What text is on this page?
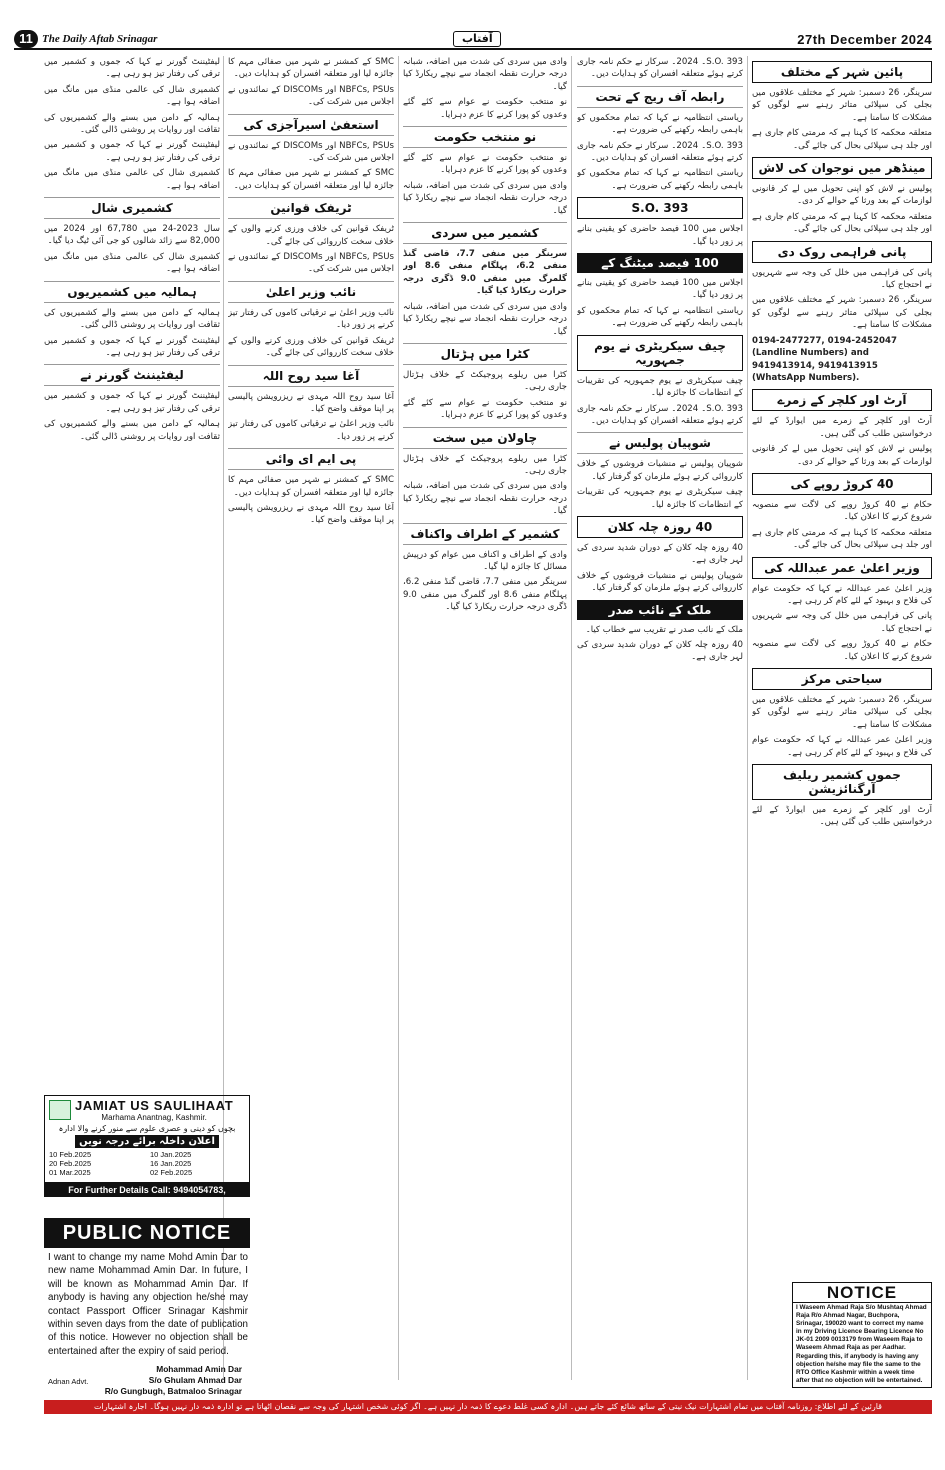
11 The Daily Aftab Srinagar	آفتاب	27th December 2024
پائین شہر کے مختلف

سرینگر، 26 دسمبر: شہر کے مختلف علاقوں میں بجلی کی سپلائی متاثر رہنے سے لوگوں کو مشکلات کا سامنا ہے۔

متعلقہ محکمہ کا کہنا ہے کہ مرمتی کام جاری ہے اور جلد ہی سپلائی بحال کی جائے گی۔

مینڈھر میں نوجوان کی لاش

پولیس نے لاش کو اپنی تحویل میں لے کر قانونی لوازمات کے بعد ورثا کے حوالے کر دی۔

متعلقہ محکمہ کا کہنا ہے کہ مرمتی کام جاری ہے اور جلد ہی سپلائی بحال کی جائے گی۔

پانی فراہمی روک دی

پانی کی فراہمی میں خلل کی وجہ سے شہریوں نے احتجاج کیا۔

سرینگر، 26 دسمبر: شہر کے مختلف علاقوں میں بجلی کی سپلائی متاثر رہنے سے لوگوں کو مشکلات کا سامنا ہے۔

0194-2477277, 0194-2452047 (Landline Numbers) and 9419413914, 9419413915 (WhatsApp Numbers).

آرٹ اور کلچر کے زمرے

آرٹ اور کلچر کے زمرے میں ایوارڈ کے لئے درخواستیں طلب کی گئی ہیں۔

پولیس نے لاش کو اپنی تحویل میں لے کر قانونی لوازمات کے بعد ورثا کے حوالے کر دی۔

40 کروڑ روپے کی

حکام نے 40 کروڑ روپے کی لاگت سے منصوبہ شروع کرنے کا اعلان کیا۔

متعلقہ محکمہ کا کہنا ہے کہ مرمتی کام جاری ہے اور جلد ہی سپلائی بحال کی جائے گی۔

وزیر اعلیٰ عمر عبداللہ کی

وزیر اعلیٰ عمر عبداللہ نے کہا کہ حکومت عوام کی فلاح و بہبود کے لئے کام کر رہی ہے۔

پانی کی فراہمی میں خلل کی وجہ سے شہریوں نے احتجاج کیا۔

حکام نے 40 کروڑ روپے کی لاگت سے منصوبہ شروع کرنے کا اعلان کیا۔

سیاحتی مرکز

سرینگر، 26 دسمبر: شہر کے مختلف علاقوں میں بجلی کی سپلائی متاثر رہنے سے لوگوں کو مشکلات کا سامنا ہے۔

وزیر اعلیٰ عمر عبداللہ نے کہا کہ حکومت عوام کی فلاح و بہبود کے لئے کام کر رہی ہے۔

جموں کشمیر ریلیف آرگنائزیشن

آرٹ اور کلچر کے زمرے میں ایوارڈ کے لئے درخواستیں طلب کی گئی ہیں۔

S.O. 393۔ 2024۔ سرکار نے حکم نامہ جاری کرتے ہوئے متعلقہ افسران کو ہدایات دیں۔

رابطہ آف ریج کے تحت

ریاستی انتظامیہ نے کہا کہ تمام محکموں کو باہمی رابطہ رکھنے کی ضرورت ہے۔

S.O. 393۔ 2024۔ سرکار نے حکم نامہ جاری کرتے ہوئے متعلقہ افسران کو ہدایات دیں۔

ریاستی انتظامیہ نے کہا کہ تمام محکموں کو باہمی رابطہ رکھنے کی ضرورت ہے۔

S.O. 393

اجلاس میں 100 فیصد حاضری کو یقینی بنانے پر زور دیا گیا۔

100 فیصد میٹنگ کے

اجلاس میں 100 فیصد حاضری کو یقینی بنانے پر زور دیا گیا۔

ریاستی انتظامیہ نے کہا کہ تمام محکموں کو باہمی رابطہ رکھنے کی ضرورت ہے۔

چیف سیکریٹری نے یوم جمہوریہ

چیف سیکریٹری نے یوم جمہوریہ کی تقریبات کے انتظامات کا جائزہ لیا۔

S.O. 393۔ 2024۔ سرکار نے حکم نامہ جاری کرتے ہوئے متعلقہ افسران کو ہدایات دیں۔

شوپیان پولیس نے

شوپیان پولیس نے منشیات فروشوں کے خلاف کارروائی کرتے ہوئے ملزمان کو گرفتار کیا۔

چیف سیکریٹری نے یوم جمہوریہ کی تقریبات کے انتظامات کا جائزہ لیا۔

40 روزہ چلہ کلان

40 روزہ چلہ کلان کے دوران شدید سردی کی لہر جاری ہے۔

شوپیان پولیس نے منشیات فروشوں کے خلاف کارروائی کرتے ہوئے ملزمان کو گرفتار کیا۔

ملک کے نائب صدر

ملک کے نائب صدر نے تقریب سے خطاب کیا۔

40 روزہ چلہ کلان کے دوران شدید سردی کی لہر جاری ہے۔

وادی میں سردی کی شدت میں اضافہ، شبانہ درجہ حرارت نقطہ انجماد سے نیچے ریکارڈ کیا گیا۔

نو منتخب حکومت نے عوام سے کئے گئے وعدوں کو پورا کرنے کا عزم دہرایا۔

نو منتخب حکومت

نو منتخب حکومت نے عوام سے کئے گئے وعدوں کو پورا کرنے کا عزم دہرایا۔

وادی میں سردی کی شدت میں اضافہ، شبانہ درجہ حرارت نقطہ انجماد سے نیچے ریکارڈ کیا گیا۔

کشمیر میں سردی

سرینگر میں منفی 7.7، قاضی گنڈ منفی 6.2، پہلگام منفی 8.6 اور گلمرگ میں منفی 9.0 ڈگری درجہ حرارت ریکارڈ کیا گیا۔

وادی میں سردی کی شدت میں اضافہ، شبانہ درجہ حرارت نقطہ انجماد سے نیچے ریکارڈ کیا گیا۔

کٹرا میں ہڑتال

کٹرا میں ریلوے پروجیکٹ کے خلاف ہڑتال جاری رہی۔

نو منتخب حکومت نے عوام سے کئے گئے وعدوں کو پورا کرنے کا عزم دہرایا۔

چاولان میں سخت

کٹرا میں ریلوے پروجیکٹ کے خلاف ہڑتال جاری رہی۔

وادی میں سردی کی شدت میں اضافہ، شبانہ درجہ حرارت نقطہ انجماد سے نیچے ریکارڈ کیا گیا۔

کشمیر کے اطراف واکناف

وادی کے اطراف و اکناف میں عوام کو درپیش مسائل کا جائزہ لیا گیا۔

سرینگر میں منفی 7.7، قاضی گنڈ منفی 6.2، پہلگام منفی 8.6 اور گلمرگ میں منفی 9.0 ڈگری درجہ حرارت ریکارڈ کیا گیا۔

SMC کے کمشنر نے شہر میں صفائی مہم کا جائزہ لیا اور متعلقہ افسران کو ہدایات دیں۔

NBFCs, PSUs اور DISCOMs کے نمائندوں نے اجلاس میں شرکت کی۔

استعفیٰ اسیرآجزی کی

NBFCs, PSUs اور DISCOMs کے نمائندوں نے اجلاس میں شرکت کی۔

SMC کے کمشنر نے شہر میں صفائی مہم کا جائزہ لیا اور متعلقہ افسران کو ہدایات دیں۔

ٹریفک قوانین

ٹریفک قوانین کی خلاف ورزی کرنے والوں کے خلاف سخت کارروائی کی جائے گی۔

NBFCs, PSUs اور DISCOMs کے نمائندوں نے اجلاس میں شرکت کی۔

نائب وزیر اعلیٰ

نائب وزیر اعلیٰ نے ترقیاتی کاموں کی رفتار تیز کرنے پر زور دیا۔

ٹریفک قوانین کی خلاف ورزی کرنے والوں کے خلاف سخت کارروائی کی جائے گی۔

آغا سید روح اللہ

آغا سید روح اللہ مہدی نے ریزرویشن پالیسی پر اپنا موقف واضح کیا۔

نائب وزیر اعلیٰ نے ترقیاتی کاموں کی رفتار تیز کرنے پر زور دیا۔

پی ایم ای وائی

SMC کے کمشنر نے شہر میں صفائی مہم کا جائزہ لیا اور متعلقہ افسران کو ہدایات دیں۔

آغا سید روح اللہ مہدی نے ریزرویشن پالیسی پر اپنا موقف واضح کیا۔

لیفٹیننٹ گورنر نے کہا کہ جموں و کشمیر میں ترقی کی رفتار تیز ہو رہی ہے۔

کشمیری شال کی عالمی منڈی میں مانگ میں اضافہ ہوا ہے۔

ہمالیہ کے دامن میں بسنے والے کشمیریوں کی ثقافت اور روایات پر روشنی ڈالی گئی۔

لیفٹیننٹ گورنر نے کہا کہ جموں و کشمیر میں ترقی کی رفتار تیز ہو رہی ہے۔

کشمیری شال کی عالمی منڈی میں مانگ میں اضافہ ہوا ہے۔

کشمیری شال

سال 2023-24 میں 67,780 اور 2024 میں 82,000 سے زائد شالوں کو جی آئی ٹیگ دیا گیا۔

کشمیری شال کی عالمی منڈی میں مانگ میں اضافہ ہوا ہے۔

ہمالیہ میں کشمیریوں

ہمالیہ کے دامن میں بسنے والے کشمیریوں کی ثقافت اور روایات پر روشنی ڈالی گئی۔

لیفٹیننٹ گورنر نے کہا کہ جموں و کشمیر میں ترقی کی رفتار تیز ہو رہی ہے۔

لیفٹیننٹ گورنر نے

لیفٹیننٹ گورنر نے کہا کہ جموں و کشمیر میں ترقی کی رفتار تیز ہو رہی ہے۔

ہمالیہ کے دامن میں بسنے والے کشمیریوں کی ثقافت اور روایات پر روشنی ڈالی گئی۔

JAMIAT US SAULIHAAT
Marhama Anantnag, Kashmir.
بچوں کو دینی و عصری علوم سے منور کرنے والا ادارہ
اعلان داخلہ برائے درجہ نویں
10 Feb.2025	10 Jan.2025
20 Feb.2025	16 Jan.2025
01 Mar.2025	02 Feb.2025
For Further Details Call: 9494054783, 9906811303
PUBLIC NOTICE
I want to change my name Mohd Amin Dar to new name Mohammad Amin Dar. In future, I will be known as Mohammad Amin Dar. If anybody is having any objection he/she may contact Passport Officer Srinagar Kashmir within seven days from the date of publication of this notice. However no objection shall be entertained after the expiry of said period.
Mohammad Amin Dar
S/o Ghulam Ahmad Dar
R/o Gungbugh, Batmaloo Srinagar
Adnan Advt.
NOTICE
I Waseem Ahmad Raja S/o Mushtaq Ahmad Raja R/o Ahmad Nagar, Buchpora, Srinagar, 190020 want to correct my name in my Driving Licence Bearing Licence No JK-01 2009 0013179 from Waseem Raja to Waseem Ahmad Raja as per Aadhar. Regarding this, if anybody is having any objection he/she may file the same to the RTO Office Kashmir within a week time after that no objection will be entertained.
قارئین کے لئے اطلاع: روزنامہ آفتاب میں تمام اشتہارات نیک نیتی کے ساتھ شائع کئے جاتے ہیں۔ ادارہ کسی غلط دعوے کا ذمہ دار نہیں ہے۔ اگر کوئی شخص اشتہار کی وجہ سے نقصان اٹھاتا ہے تو ادارہ ذمہ دار نہیں ہوگا۔ اجارہ اشتہارات
